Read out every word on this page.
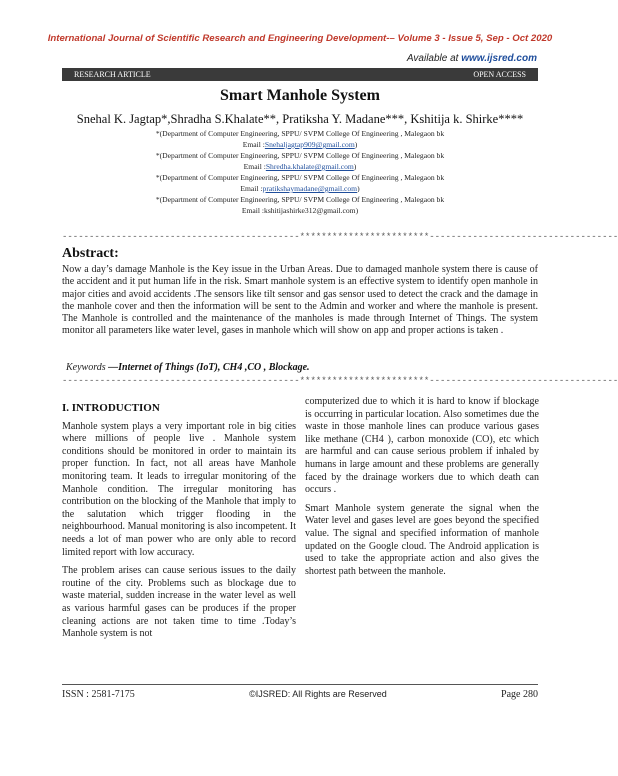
International Journal of Scientific Research and Engineering Development-– Volume 3 - Issue 5, Sep - Oct 2020
Available at www.ijsred.com
RESEARCH ARTICLE	OPEN ACCESS
Smart Manhole System
Snehal K. Jagtap*,Shradha S.Khalate**, Pratiksha Y. Madane***, Kshitija k. Shirke****
*(Department of Computer Engineering, SPPU/ SVPM College Of Engineering , Malegaon bk
Email :Snehaljagtap909@gmail.com)
*(Department of Computer Engineering, SPPU/ SVPM College Of Engineering , Malegaon bk
Email :Shredha.khalate@gmail.com)
*(Department of Computer Engineering, SPPU/ SVPM College Of Engineering , Malegaon bk
Email :pratikshaymadane@gmail.com)
*(Department of Computer Engineering, SPPU/ SVPM College Of Engineering , Malegaon bk
Email :kshitijashirke312@gmail.com)
--------------------------------------------************************-----------------------------------
Abstract:
Now a day’s damage Manhole is the Key issue in the Urban Areas. Due to damaged manhole system there is cause of the accident and it put human life in the risk. Smart manhole system is an effective system to identify open manhole in major cities and avoid accidents .The sensors like tilt sensor and gas sensor used to detect the crack and the damage in the manhole cover and then the information will be sent to the Admin and worker and where the manhole is present. The Manhole is controlled and the maintenance of the manholes is made through Internet of Things. The system monitor all parameters like water level, gases in manhole which will show on app and proper actions is taken .
Keywords —Internet of Things (IoT), CH4 ,CO , Blockage.
--------------------------------------------************************-----------------------------------
I. INTRODUCTION

Manhole system plays a very important role in big cities where millions of people live . Manhole system conditions should be monitored in order to maintain its proper function. In fact, not all areas have Manhole monitoring team. It leads to irregular monitoring of the Manhole condition. The irregular monitoring has contribution on the blocking of the Manhole that imply to the salutation which trigger flooding in the neighbourhood. Manual monitoring is also incompetent. It needs a lot of man power who are only able to record limited report with low accuracy.

The problem arises can cause serious issues to the daily routine of the city. Problems such as blockage due to waste material, sudden increase in the water level as well as various harmful gases can be produces if the proper cleaning actions are not taken time to time .Today’s Manhole system is not

computerized due to which it is hard to know if blockage is occurring in particular location. Also sometimes due the waste in those manhole lines can produce various gases like methane (CH4 ), carbon monoxide (CO), etc which are harmful and can cause serious problem if inhaled by humans in large amount and these problems are generally faced by the drainage workers due to which death can occurs .

Smart Manhole system generate the signal when the Water level and gases level are goes beyond the specified value. The signal and specified information of manhole updated on the Google cloud. The Android application is used to take the appropriate action and also gives the shortest path between the manhole.

ISSN : 2581-7175	©IJSRED: All Rights are Reserved	Page 280
